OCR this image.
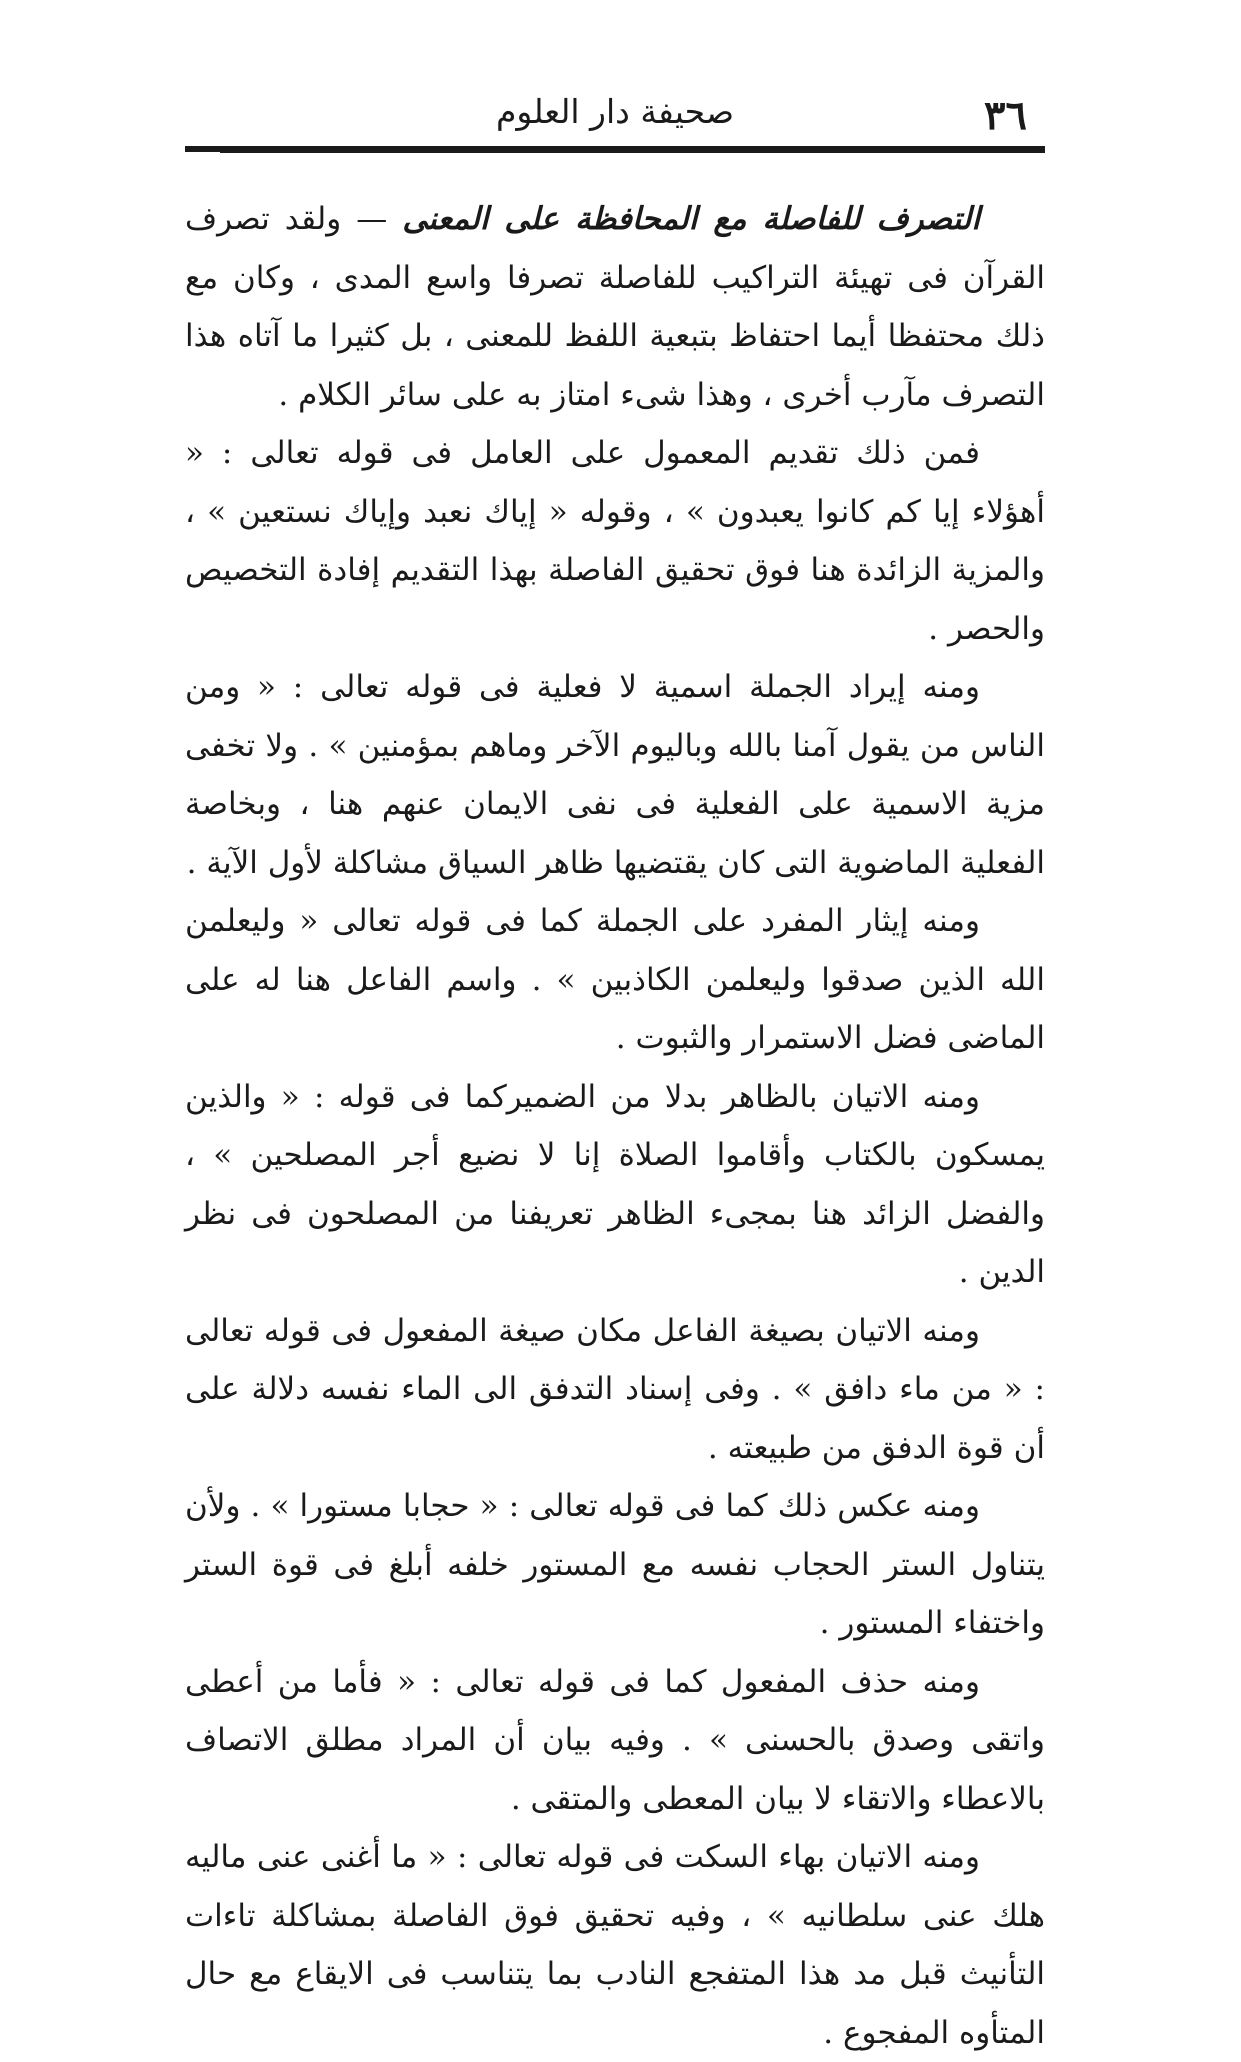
٣٦
صحيفة دار العلوم

التصرف للفاصلة مع المحافظة على المعنى — ولقد تصرف القرآن فى تهيئة التراكيب للفاصلة تصرفا واسع المدى ، وكان مع ذلك محتفظا أيما احتفاظ بتبعية اللفظ للمعنى ، بل كثيرا ما آتاه هذا التصرف مآرب أخرى ، وهذا شىء امتاز به على سائر الكلام .

فمن ذلك تقديم المعمول على العامل فى قوله تعالى : « أهؤلاء إيا كم كانوا يعبدون » ، وقوله « إياك نعبد وإياك نستعين » ، والمزية الزائدة هنا فوق تحقيق الفاصلة بهذا التقديم إفادة التخصيص والحصر .

ومنه إيراد الجملة اسمية لا فعلية فى قوله تعالى : « ومن الناس من يقول آمنا بالله وباليوم الآخر وماهم بمؤمنين » . ولا تخفى مزية الاسمية على الفعلية فى نفى الايمان عنهم هنا ، وبخاصة الفعلية الماضوية التى كان يقتضيها ظاهر السياق مشاكلة لأول الآية .

ومنه إيثار المفرد على الجملة كما فى قوله تعالى « وليعلمن الله الذين صدقوا وليعلمن الكاذبين » . واسم الفاعل هنا له على الماضى فضل الاستمرار والثبوت .

ومنه الاتيان بالظاهر بدلا من الضميركما فى قوله : « والذين يمسكون بالكتاب وأقاموا الصلاة إنا لا نضيع أجر المصلحين » ، والفضل الزائد هنا بمجىء الظاهر تعريفنا من المصلحون فى نظر الدين .

ومنه الاتيان بصيغة الفاعل مكان صيغة المفعول فى قوله تعالى : « من ماء دافق » . وفى إسناد التدفق الى الماء نفسه دلالة على أن قوة الدفق من طبيعته .

ومنه عكس ذلك كما فى قوله تعالى : « حجابا مستورا » . ولأن يتناول الستر الحجاب نفسه مع المستور خلفه أبلغ فى قوة الستر واختفاء المستور .

ومنه حذف المفعول كما فى قوله تعالى : « فأما من أعطى واتقى وصدق بالحسنى » . وفيه بيان أن المراد مطلق الاتصاف بالاعطاء والاتقاء لا بيان المعطى والمتقى .

ومنه الاتيان بهاء السكت فى قوله تعالى : « ما أغنى عنى ماليه هلك عنى سلطانيه » ، وفيه تحقيق فوق الفاصلة بمشاكلة تاءات التأنيث قبل مد هذا المتفجع النادب بما يتناسب فى الايقاع مع حال المتأوه المفجوع .
